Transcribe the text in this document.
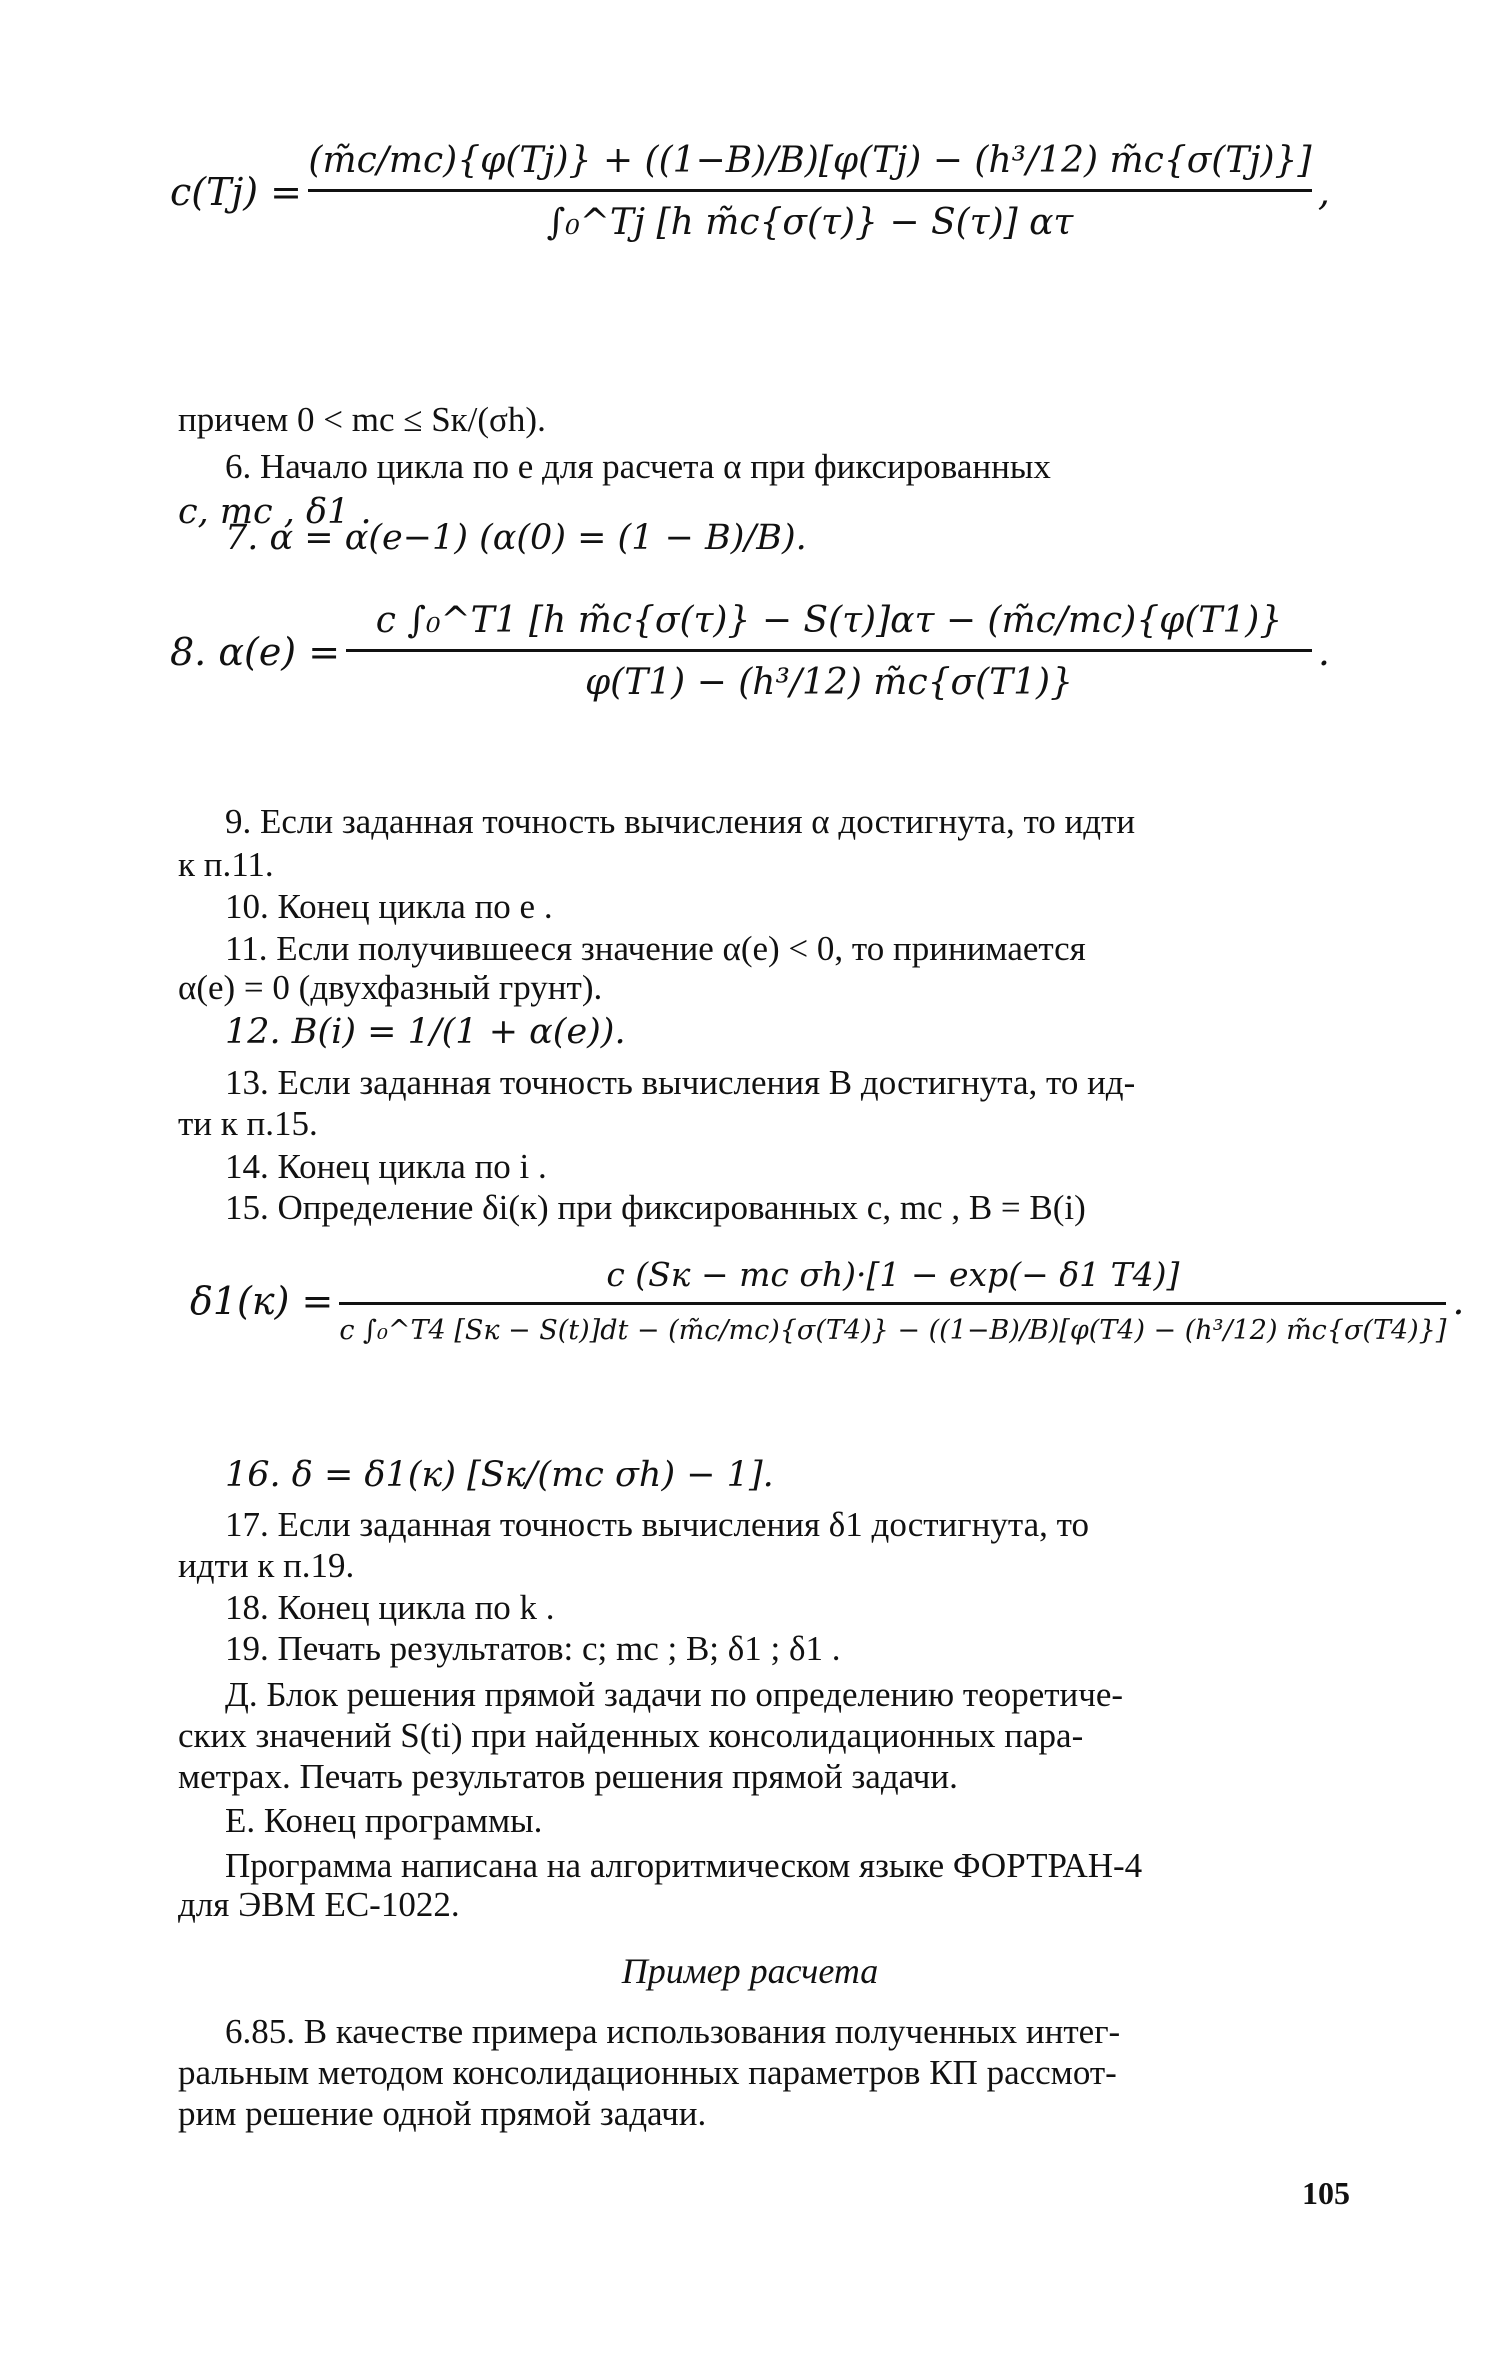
$c(Tj) = \frac{\text{(m̃c/mc)\{φ(Tj)\} + ((1−B)/B)[φ(Tj) − (h³/12) m̃c\{σ(Tj)\}]}}{\text{∫₀\textasciicircum{}Tj [h m̃c\{σ(τ)\} − S(τ)] ατ}}$ ,
причем 0 < mc ≤ Sк/(σh).
6. Начало цикла по e для расчета α при фиксированных
c, mc , δ1 .
7. α = α(e−1) (α(0) = (1 − B)/B).
8. $\alpha(e) = \frac{\text{c ∫₀\textasciicircum{}T1 [h m̃c\{σ(τ)\} − S(τ)]ατ − (m̃c/mc)\{φ(T1)\}}}{\text{φ(T1) − (h³/12) m̃c\{σ(T1)\}}}$ .
9. Если заданная точность вычисления α достигнута, то идти
к п.11.
10. Конец цикла по e .
11. Если получившееся значение α(e) < 0, то принимается
α(e) = 0 (двухфазный грунт).
12. B(i) = 1/(1 + α(e)).
13. Если заданная точность вычисления B достигнута, то ид-
ти к п.15.
14. Конец цикла по i .
15. Определение δi(к) при фиксированных c, mc , B = B(i)
δ1(к) =
c (Sк − mc σh)·[1 − exp(− δ1 T4)]
c ∫₀^T4 [Sк − S(t)]dt − (m̃c/mc){σ(T4)} − ((1−B)/B)[φ(T4) − (h³/12) m̃c{σ(T4)}]
.
16. δ = δ1(к) [Sк/(mc σh) − 1].
17. Если заданная точность вычисления δ1 достигнута, то
идти к п.19.
18. Конец цикла по k .
19. Печать результатов: c; mc ; B; δ1 ; δ1 .
Д. Блок решения прямой задачи по определению теоретиче-
ских значений S(ti) при найденных консолидационных пара-
метрах. Печать результатов решения прямой задачи.
Е. Конец программы.
Программа написана на алгоритмическом языке ФОРТРАН-4
для ЭВМ ЕС-1022.
Пример расчета
6.85. В качестве примера использования полученных интег-
ральным методом консолидационных параметров КП рассмот-
рим решение одной прямой задачи.
105
